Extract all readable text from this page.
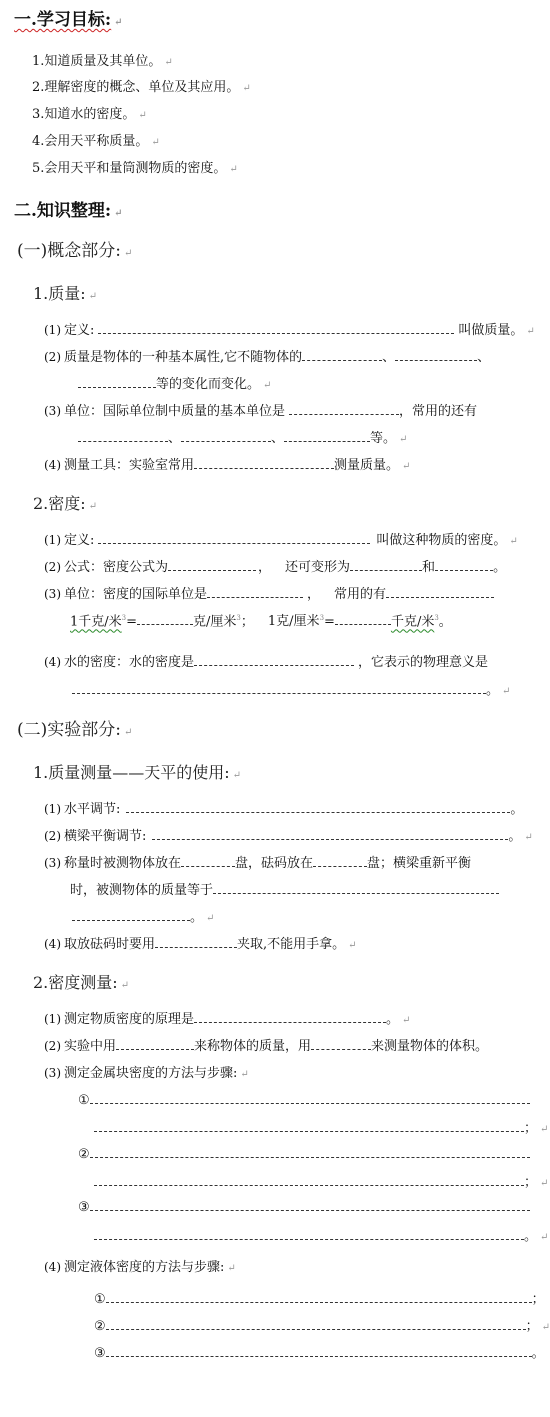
一.学习目标: ↵
1.知道质量及其单位。 ↵
2.理解密度的概念、单位及其应用。 ↵
3.知道水的密度。 ↵
4.会用天平称质量。 ↵
5.会用天平和量筒测物质的密度。 ↵
二.知识整理: ↵
(一)概念部分: ↵
1.质量: ↵
(1) 定义:	叫做质量。 ↵
(2) 质量是物体的一种基本属性,它不随物体的	、	、
等的变化而变化。 ↵
(3) 单位：国际单位制中质量的基本单位是	，常用的还有
、	、	等。 ↵
(4) 测量工具：实验室常用	测量质量。 ↵
2.密度: ↵
(1) 定义:	叫做这种物质的密度。 ↵
(2) 公式：密度公式为	， 还可变形为	和	。
(3) 单位：密度的国际单位是	， 常用的有
1千克/米$^3$=	克/厘米$^3$； 1克/厘米$^3$=	千克/米$^3$。
(4) 水的密度：水的密度是	，它表示的物理意义是
。 ↵
(二)实验部分: ↵
1.质量测量——天平的使用: ↵
(1) 水平调节:	。
(2) 横梁平衡调节:	。 ↵
(3) 称量时被测物体放在	盘，砝码放在	盘；横梁重新平衡
时，被测物体的质量等于
。 ↵
(4) 取放砝码时要用	夹取,不能用手拿。 ↵
2.密度测量: ↵
(1) 测定物质密度的原理是	。 ↵
(2) 实验中用	来称物体的质量，用	来测量物体的体积。
(3) 测定金属块密度的方法与步骤: ↵
①
； ↵
②
； ↵
③
。 ↵
(4) 测定液体密度的方法与步骤: ↵
①	；
②	； ↵
③	。
